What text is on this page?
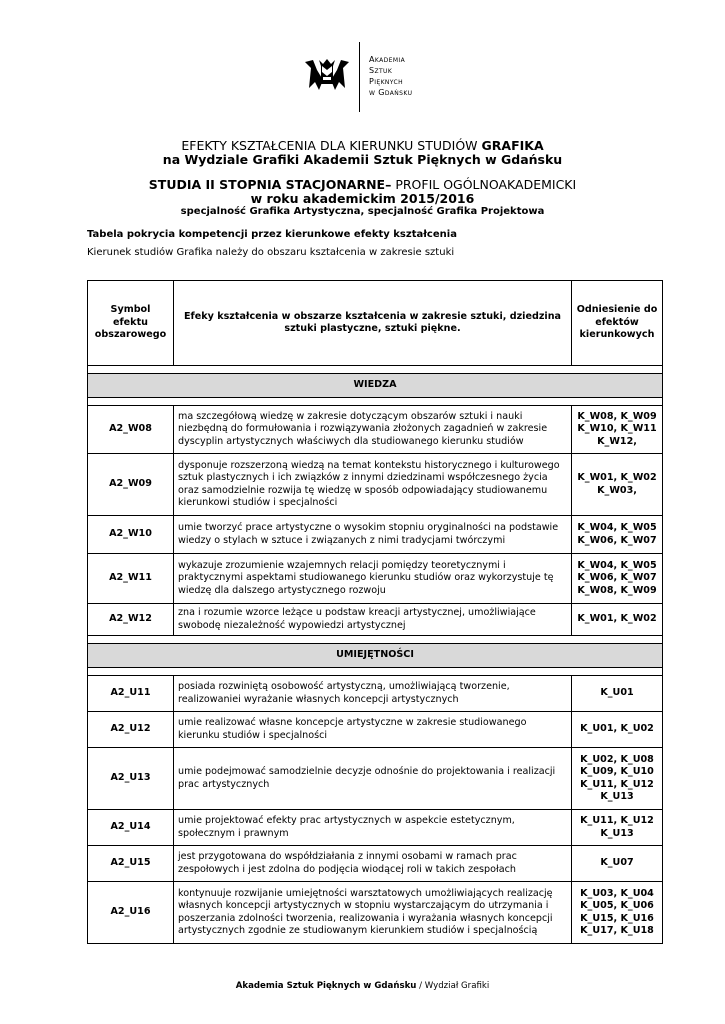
Akademia
Sztuk
Pięknych
w Gdańsku
EFEKTY KSZTAŁCENIA DLA KIERUNKU STUDIÓW GRAFIKA
na Wydziale Grafiki Akademii Sztuk Pięknych w Gdańsku
STUDIA II STOPNIA STACJONARNE– PROFIL OGÓLNOAKADEMICKI
w roku akademickim 2015/2016
specjalność Grafika Artystyczna, specjalność Grafika Projektowa
Tabela pokrycia kompetencji przez kierunkowe efekty kształcenia
Kierunek studiów Grafika należy do obszaru kształcenia w zakresie sztuki
Symbol efektu obszarowego	Efeky kształcenia w obszarze kształcenia w zakresie sztuki, dziedzina sztuki plastyczne, sztuki piękne.	Odniesienie do efektów kierunkowych

WIEDZA		

A2_W08	ma szczegółową wiedzę w zakresie dotyczącym obszarów sztuki i nauki niezbędną do formułowania i rozwiązywania złożonych zagadnień w zakresie dyscyplin artystycznych właściwych dla studiowanego kierunku studiów	K_W08, K_W09 K_W10, K_W11 K_W12,
A2_W09	dysponuje rozszerzoną wiedzą na temat kontekstu historycznego i kulturowego sztuk plastycznych i ich związków z innymi dziedzinami współczesnego życia oraz samodzielnie rozwija tę wiedzę w sposób odpowiadający studiowanemu kierunkowi studiów i specjalności	K_W01, K_W02 K_W03,
A2_W10	umie tworzyć prace artystyczne o wysokim stopniu oryginalności na podstawie wiedzy o stylach w sztuce i związanych z nimi tradycjami twórczymi	K_W04, K_W05 K_W06, K_W07
A2_W11	wykazuje zrozumienie wzajemnych relacji pomiędzy teoretycznymi i praktycznymi aspektami studiowanego kierunku studiów oraz wykorzystuje tę wiedzę dla dalszego artystycznego rozwoju	K_W04, K_W05 K_W06, K_W07 K_W08, K_W09
A2_W12	zna i rozumie wzorce leżące u podstaw kreacji artystycznej, umożliwiające swobodę niezależność wypowiedzi artystycznej	K_W01, K_W02

UMIEJĘTNOŚCI		

A2_U11	posiada rozwiniętą osobowość artystyczną, umożliwiającą tworzenie, realizowaniei wyrażanie własnych koncepcji artystycznych	K_U01
A2_U12	umie realizować własne koncepcje artystyczne w zakresie studiowanego kierunku studiów i specjalności	K_U01, K_U02
A2_U13	umie podejmować samodzielnie decyzje odnośnie do projektowania i realizacji prac artystycznych	K_U02, K_U08 K_U09, K_U10 K_U11, K_U12 K_U13
A2_U14	umie projektować efekty prac artystycznych w aspekcie estetycznym, społecznym i prawnym	K_U11, K_U12 K_U13
A2_U15	jest przygotowana do współdziałania z innymi osobami w ramach prac zespołowych i jest zdolna do podjęcia wiodącej roli w takich zespołach	K_U07
A2_U16	kontynuuje rozwijanie umiejętności warsztatowych umożliwiających realizację własnych koncepcji artystycznych w stopniu wystarczającym do utrzymania i poszerzania zdolności tworzenia, realizowania i wyrażania własnych koncepcji artystycznych zgodnie ze studiowanym kierunkiem studiów i specjalnością	K_U03, K_U04 K_U05, K_U06 K_U15, K_U16 K_U17, K_U18
Akademia Sztuk Pięknych w Gdańsku / Wydział Grafiki
